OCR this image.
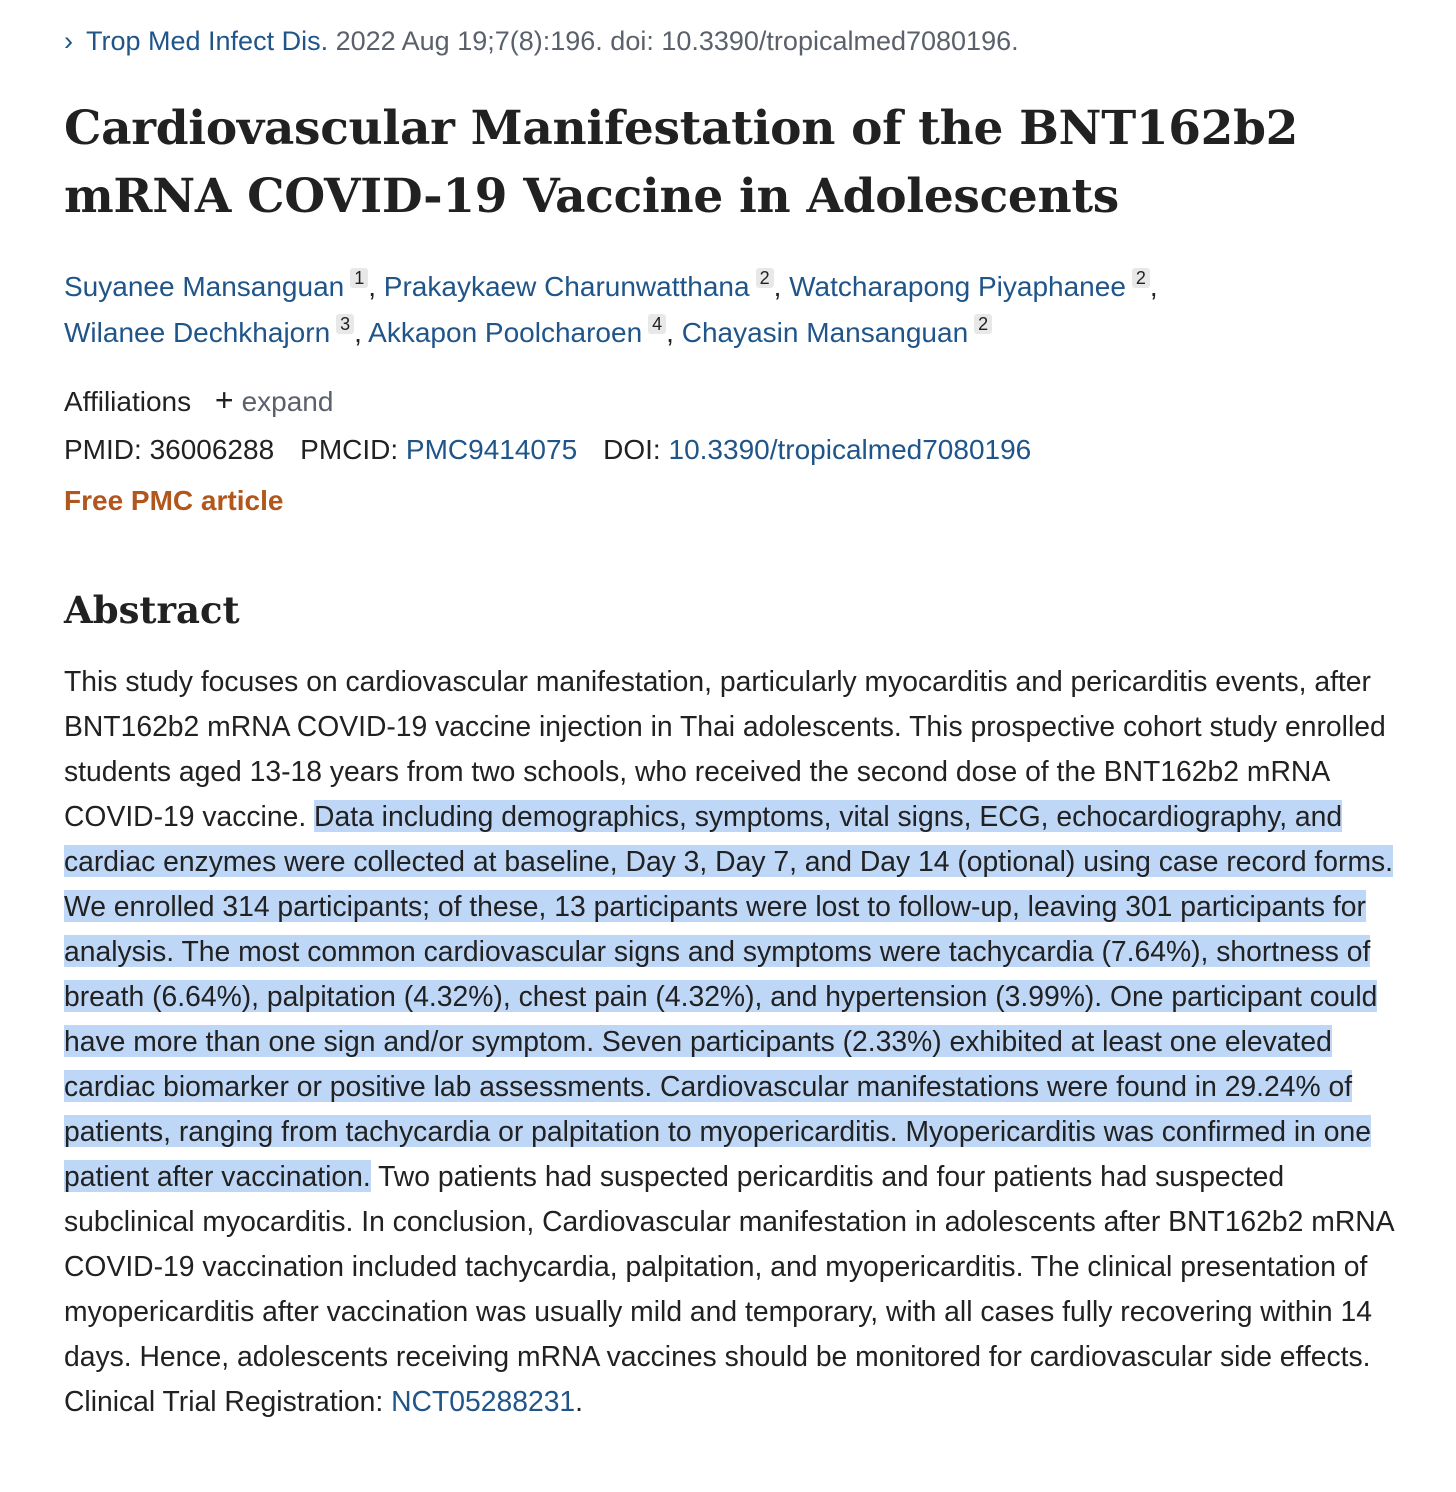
› Trop Med Infect Dis. 2022 Aug 19;7(8):196. doi: 10.3390/tropicalmed7080196.
Cardiovascular Manifestation of the BNT162b2 mRNA COVID-19 Vaccine in Adolescents
Suyanee Mansanguan 1 , Prakaykaew Charunwatthana 2 , Watcharapong Piyaphanee 2 ,
Wilanee Dechkhajorn 3 , Akkapon Poolcharoen 4 , Chayasin Mansanguan 2
Affiliations + expand
PMID: 36006288 PMCID: PMC9414075 DOI: 10.3390/tropicalmed7080196
Free PMC article
Abstract

This study focuses on cardiovascular manifestation, particularly myocarditis and pericarditis events, after BNT162b2 mRNA COVID-19 vaccine injection in Thai adolescents. This prospective cohort study enrolled students aged 13-18 years from two schools, who received the second dose of the BNT162b2 mRNA COVID-19 vaccine. Data including demographics, symptoms, vital signs, ECG, echocardiography, and cardiac enzymes were collected at baseline, Day 3, Day 7, and Day 14 (optional) using case record forms. We enrolled 314 participants; of these, 13 participants were lost to follow-up, leaving 301 participants for analysis. The most common cardiovascular signs and symptoms were tachycardia (7.64%), shortness of breath (6.64%), palpitation (4.32%), chest pain (4.32%), and hypertension (3.99%). One participant could have more than one sign and/or symptom. Seven participants (2.33%) exhibited at least one elevated cardiac biomarker or positive lab assessments. Cardiovascular manifestations were found in 29.24% of patients, ranging from tachycardia or palpitation to myopericarditis. Myopericarditis was confirmed in one patient after vaccination. Two patients had suspected pericarditis and four patients had suspected subclinical myocarditis. In conclusion, Cardiovascular manifestation in adolescents after BNT162b2 mRNA COVID-19 vaccination included tachycardia, palpitation, and myopericarditis. The clinical presentation of myopericarditis after vaccination was usually mild and temporary, with all cases fully recovering within 14 days. Hence, adolescents receiving mRNA vaccines should be monitored for cardiovascular side effects. Clinical Trial Registration: NCT05288231.
